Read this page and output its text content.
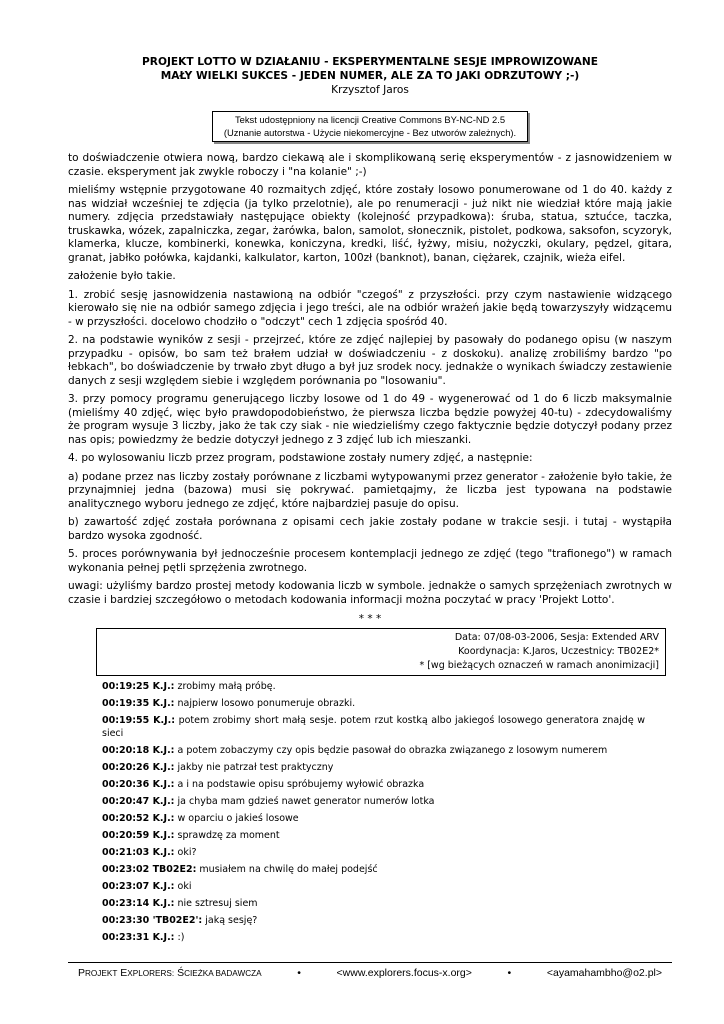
PROJEKT LOTTO W DZIAŁANIU - EKSPERYMENTALNE SESJE IMPROWIZOWANE
MAŁY WIELKI SUKCES - JEDEN NUMER, ALE ZA TO JAKI ODRZUTOWY ;-)
Krzysztof Jaros
Tekst udostępniony na licencji Creative Commons BY-NC-ND 2.5
(Uznanie autorstwa - Użycie niekomercyjne - Bez utworów zależnych).

to doświadczenie otwiera nową, bardzo ciekawą ale i skomplikowaną serię eksperymentów - z jasnowidzeniem w czasie. eksperyment jak zwykle roboczy i "na kolanie" ;-)

mieliśmy wstępnie przygotowane 40 rozmaitych zdjęć, które zostały losowo ponumerowane od 1 do 40. każdy z nas widział wcześniej te zdjęcia (ja tylko przelotnie), ale po renumeracji - już nikt nie wiedział które mają jakie numery. zdjęcia przedstawiały następujące obiekty (kolejność przypadkowa): śruba, statua, sztućce, taczka, truskawka, wózek, zapalniczka, zegar, żarówka, balon, samolot, słonecznik, pistolet, podkowa, saksofon, scyzoryk, klamerka, klucze, kombinerki, konewka, koniczyna, kredki, liść, łyżwy, misiu, nożyczki, okulary, pędzel, gitara, granat, jabłko połówka, kajdanki, kalkulator, karton, 100zł (banknot), banan, ciężarek, czajnik, wieża eifel.

założenie było takie.

1. zrobić sesję jasnowidzenia nastawioną na odbiór "czegoś" z przyszłości. przy czym nastawienie widzącego kierowało się nie na odbiór samego zdjęcia i jego treści, ale na odbiór wrażeń jakie będą towarzyszyły widzącemu - w przyszłości. docelowo chodziło o "odczyt" cech 1 zdjęcia spośród 40.

2. na podstawie wyników z sesji - przejrzeć, które ze zdjęć najlepiej by pasowały do podanego opisu (w naszym przypadku - opisów, bo sam też brałem udział w doświadczeniu - z doskoku). analizę zrobiliśmy bardzo "po łebkach", bo doświadczenie by trwało zbyt długo a był juz srodek nocy. jednakże o wynikach świadczy zestawienie danych z sesji względem siebie i względem porównania po "losowaniu".

3. przy pomocy programu generującego liczby losowe od 1 do 49 - wygenerować od 1 do 6 liczb maksymalnie (mieliśmy 40 zdjęć, więc było prawdopodobieństwo, że pierwsza liczba będzie powyżej 40-tu) - zdecydowaliśmy że program wysuje 3 liczby, jako że tak czy siak - nie wiedzieliśmy czego faktycznie będzie dotyczył podany przez nas opis; powiedzmy że bedzie dotyczył jednego z 3 zdjęć lub ich mieszanki.

4. po wylosowaniu liczb przez program, podstawione zostały numery zdjęć, a następnie:

a) podane przez nas liczby zostały porównane z liczbami wytypowanymi przez generator - założenie było takie, że przynajmniej jedna (bazowa) musi się pokrywać. pamietqajmy, że liczba jest typowana na podstawie analitycznego wyboru jednego ze zdjęć, które najbardziej pasuje do opisu.

b) zawartość zdjęć została porównana z opisami cech jakie zostały podane w trakcie sesji. i tutaj - wystąpiła bardzo wysoka zgodność.

5. proces porównywania był jednocześnie procesem kontemplacji jednego ze zdjęć (tego "trafionego") w ramach wykonania pełnej pętli sprzężenia zwrotnego.

uwagi: użyliśmy bardzo prostej metody kodowania liczb w symbole. jednakże o samych sprzężeniach zwrotnych w czasie i bardziej szczegółowo o metodach kodowania informacji można poczytać w pracy 'Projekt Lotto'.

* * *
Data: 07/08-03-2006, Sesja: Extended ARV
Koordynacja: K.Jaros, Uczestnicy: TB02E2*
* [wg bieżących oznaczeń w ramach anonimizacji]
00:19:25 K.J.: zrobimy małą próbę.
00:19:35 K.J.: najpierw losowo ponumeruje obrazki.
00:19:55 K.J.: potem zrobimy short małą sesje. potem rzut kostką albo jakiegoś losowego generatora znajdę w sieci
00:20:18 K.J.: a potem zobaczymy czy opis będzie pasował do obrazka związanego z losowym numerem
00:20:26 K.J.: jakby nie patrzał test praktyczny
00:20:36 K.J.: a i na podstawie opisu spróbujemy wyłowić obrazka
00:20:47 K.J.: ja chyba mam gdzieś nawet generator numerów lotka
00:20:52 K.J.: w oparciu o jakieś losowe
00:20:59 K.J.: sprawdzę za moment
00:21:03 K.J.: oki?
00:23:02 TB02E2: musiałem na chwilę do małej podejść
00:23:07 K.J.: oki
00:23:14 K.J.: nie sztresuj siem
00:23:30 'TB02E2': jaką sesję?
00:23:31 K.J.: :)
PROJEKT EXPLORERS: ŚCIEŻKA BADAWCZA	•	<www.explorers.focus-x.org>	•	<ayamahambho@o2.pl>
